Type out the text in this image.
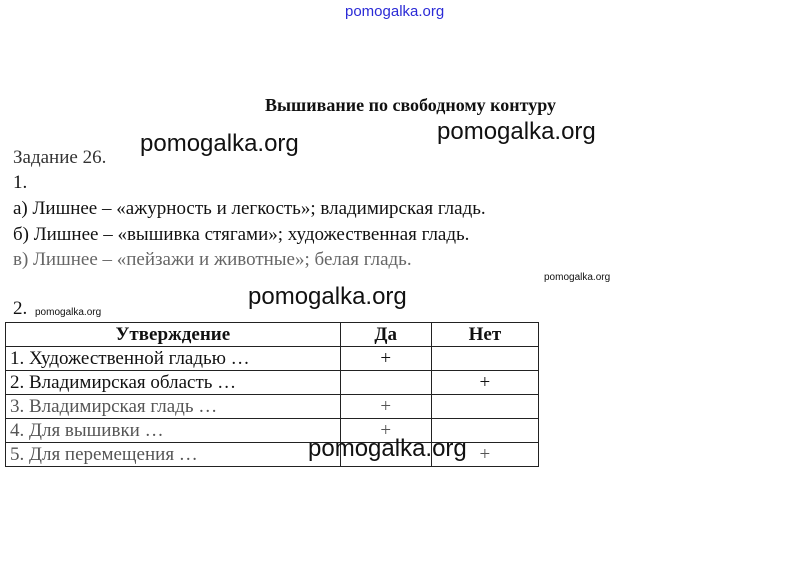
pomogalka.org
Вышивание по свободному контуру
pomogalka.org	pomogalka.org
Задание 26.
1.
а) Лишнее – «ажурность и легкость»; владимирская гладь.
б) Лишнее – «вышивка стягами»; художественная гладь.
в) Лишнее – «пейзажи и животные»; белая гладь.
pomogalka.org
pomogalka.org
2. pomogalka.org
Утверждение	Да	Нет
1. Художественной гладью …	+	
2. Владимирская область …		+
3. Владимирская гладь …	+	
4. Для вышивки …	+	
5. Для перемещения …		+
pomogalka.org
